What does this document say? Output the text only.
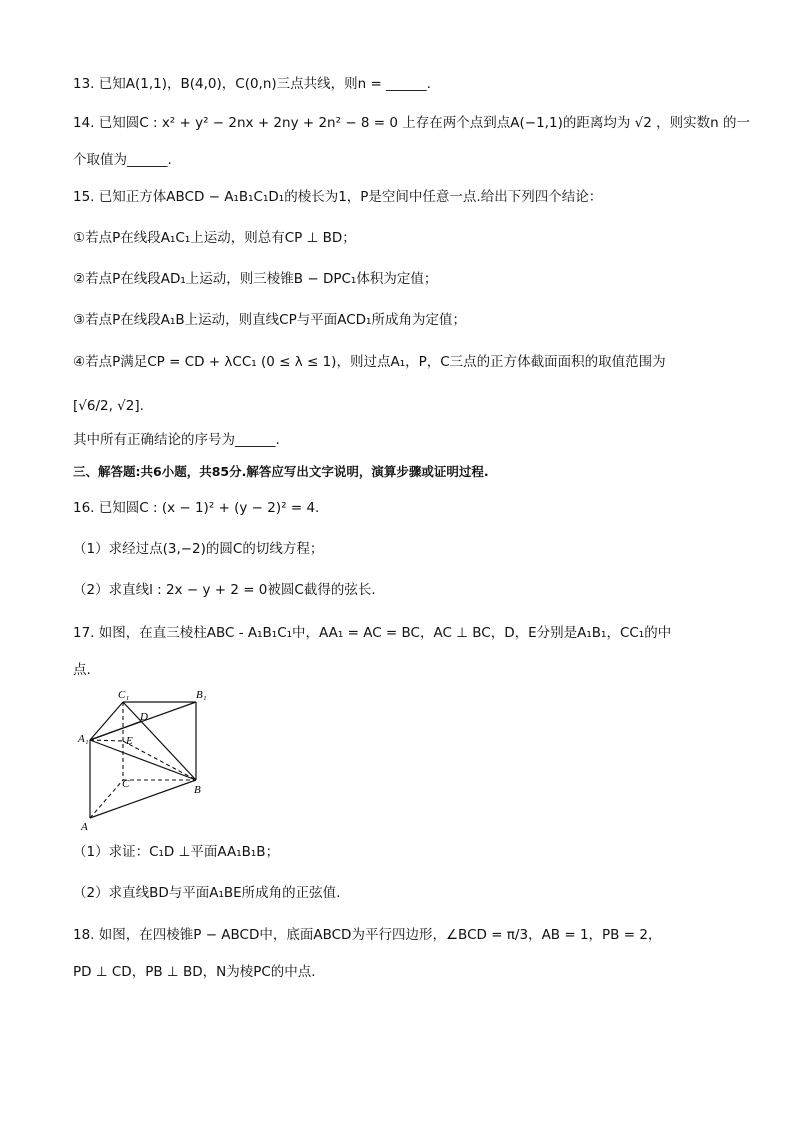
13. 已知A(1,1)，B(4,0)，C(0,n)三点共线，则n = ______.
14. 已知圆C : x² + y² − 2nx + 2ny + 2n² − 8 = 0 上存在两个点到点A(−1,1)的距离均为 √2 ，则实数n 的一
个取值为______.
15. 已知正方体ABCD − A₁B₁C₁D₁的棱长为1，P是空间中任意一点.给出下列四个结论：
①若点P在线段A₁C₁上运动，则总有CP ⊥ BD；
②若点P在线段AD₁上运动，则三棱锥B − DPC₁体积为定值；
③若点P在线段A₁B上运动，则直线CP与平面ACD₁所成角为定值；
④若点P满足CP = CD + λCC₁ (0 ≤ λ ≤ 1)，则过点A₁，P，C三点的正方体截面面积的取值范围为
[√6/2, √2].
其中所有正确结论的序号为______.
三、解答题:共6小题，共85分.解答应写出文字说明，演算步骤或证明过程.
16. 已知圆C : (x − 1)² + (y − 2)² = 4.
（1）求经过点(3,−2)的圆C的切线方程；
（2）求直线l : 2x − y + 2 = 0被圆C截得的弦长.
17. 如图，在直三棱柱ABC - A₁B₁C₁中，AA₁ = AC = BC，AC ⊥ BC，D，E分别是A₁B₁，CC₁的中
点.
C₁	B₁
D
A₁	E
B
C
A
（1）求证：C₁D ⊥平面AA₁B₁B；
（2）求直线BD与平面A₁BE所成角的正弦值.
18. 如图，在四棱锥P − ABCD中，底面ABCD为平行四边形，∠BCD = π/3，AB = 1，PB = 2，
PD ⊥ CD，PB ⊥ BD，N为棱PC的中点.
